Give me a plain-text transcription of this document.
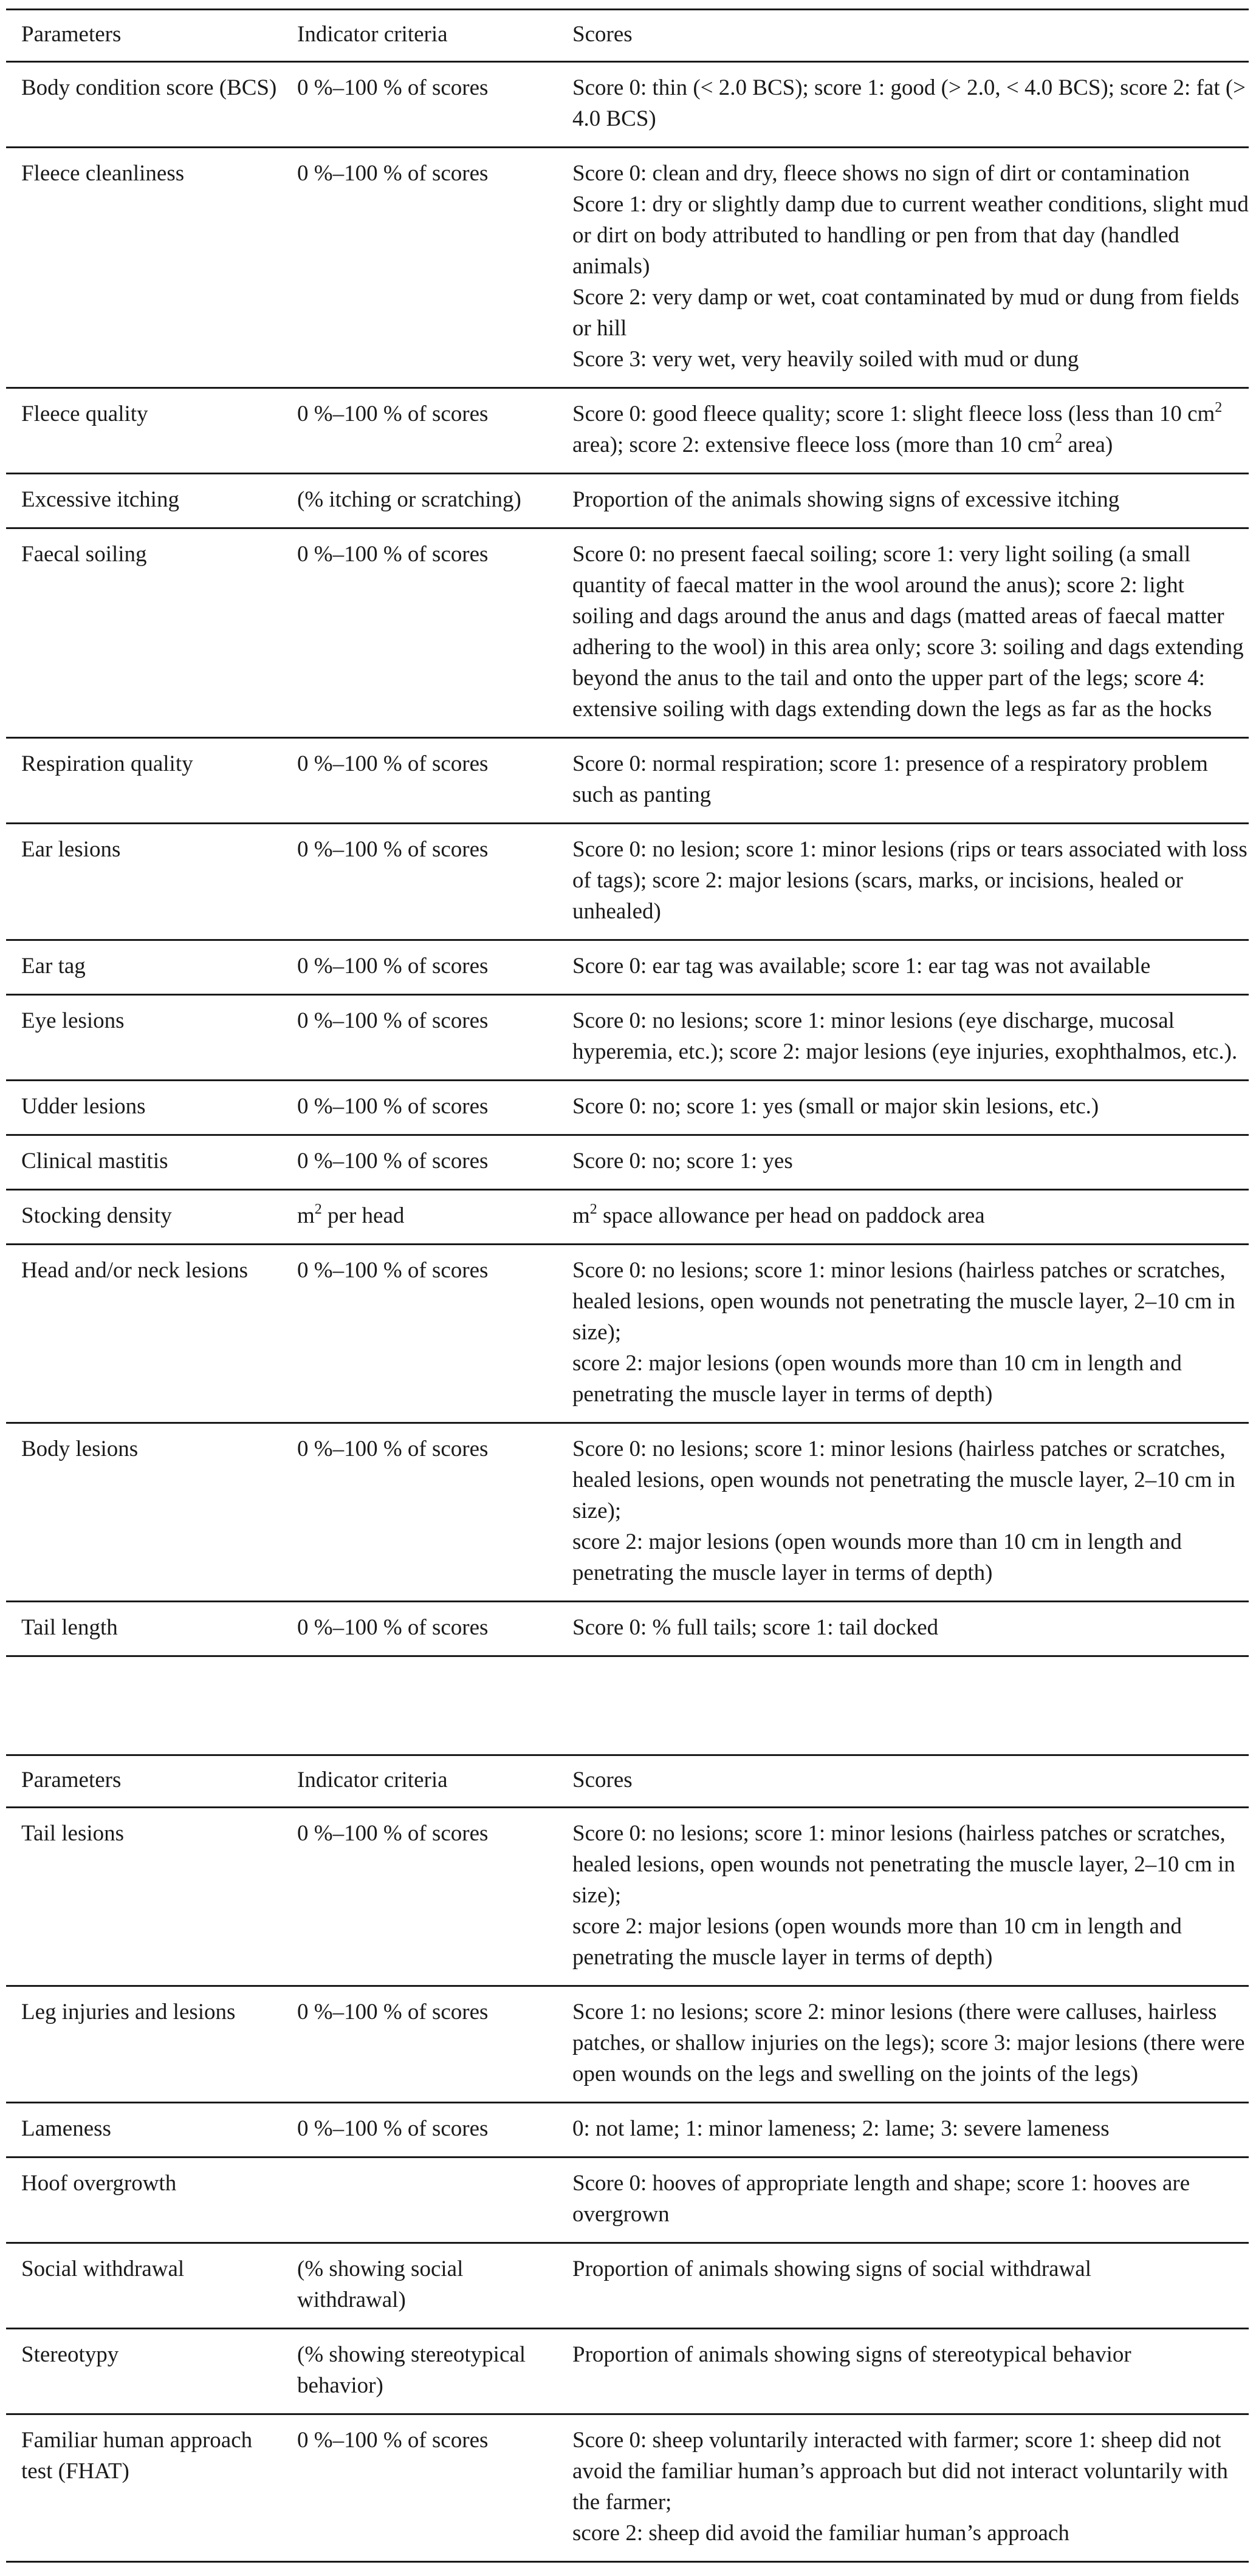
Parameters	Indicator criteria	Scores
Body condition score (BCS)	0 %–100 % of scores	Score 0: thin (< 2.0 BCS); score 1: good (> 2.0, < 4.0 BCS); score 2: fat (> 4.0 BCS)

Fleece cleanliness	0 %–100 % of scores	Score 0: clean and dry, fleece shows no sign of dirt or contamination
Score 1: dry or slightly damp due to current weather conditions, slight mud or dirt on body attributed to handling or pen from that day (handled animals)
Score 2: very damp or wet, coat contaminated by mud or dung from fields or hill
Score 3: very wet, very heavily soiled with mud or dung

Fleece quality	0 %–100 % of scores	Score 0: good fleece quality; score 1: slight fleece loss (less than 10 $cm^2$ area); score 2: extensive fleece loss (more than 10 $cm^2$ area)
Excessive itching	(% itching or scratching)	Proportion of the animals showing signs of excessive itching

Faecal soiling	0 %–100 % of scores	Score 0: no present faecal soiling; score 1: very light soiling (a small quantity of faecal matter in the wool around the anus); score 2: light soiling and dags around the anus and dags (matted areas of faecal matter adhering to the wool) in this area only; score 3: soiling and dags extending beyond the anus to the tail and onto the upper part of the legs; score 4: extensive soiling with dags extending down the legs as far as the hocks

Respiration quality	0 %–100 % of scores	Score 0: normal respiration; score 1: presence of a respiratory problem such as panting

Ear lesions	0 %–100 % of scores	Score 0: no lesion; score 1: minor lesions (rips or tears associated with loss of tags); score 2: major lesions (scars, marks, or incisions, healed or unhealed)

Ear tag	0 %–100 % of scores	Score 0: ear tag was available; score 1: ear tag was not available

Eye lesions	0 %–100 % of scores	Score 0: no lesions; score 1: minor lesions (eye discharge, mucosal hyperemia, etc.); score 2: major lesions (eye injuries, exophthalmos, etc.).

Udder lesions	0 %–100 % of scores	Score 0: no; score 1: yes (small or major skin lesions, etc.)

Clinical mastitis	0 %–100 % of scores	Score 0: no; score 1: yes

Stocking density	$m^2$ per head	$m^2$ space allowance per head on paddock area
Head and/or neck lesions	0 %–100 % of scores	Score 0: no lesions; score 1: minor lesions (hairless patches or scratches, healed lesions, open wounds not penetrating the muscle layer, 2–10 cm in size);
score 2: major lesions (open wounds more than 10 cm in length and penetrating the muscle layer in terms of depth)

Body lesions	0 %–100 % of scores	Score 0: no lesions; score 1: minor lesions (hairless patches or scratches, healed lesions, open wounds not penetrating the muscle layer, 2–10 cm in size);
score 2: major lesions (open wounds more than 10 cm in length and penetrating the muscle layer in terms of depth)

Tail length	0 %–100 % of scores	Score 0: % full tails; score 1: tail docked
Parameters	Indicator criteria	Scores
Tail lesions	0 %–100 % of scores	Score 0: no lesions; score 1: minor lesions (hairless patches or scratches, healed lesions, open wounds not penetrating the muscle layer, 2–10 cm in size);
score 2: major lesions (open wounds more than 10 cm in length and penetrating the muscle layer in terms of depth)

Leg injuries and lesions	0 %–100 % of scores	Score 1: no lesions; score 2: minor lesions (there were calluses, hairless patches, or shallow injuries on the legs); score 3: major lesions (there were open wounds on the legs and swelling on the joints of the legs)

Lameness	0 %–100 % of scores	0: not lame; 1: minor lameness; 2: lame; 3: severe lameness

Hoof overgrowth		Score 0: hooves of appropriate length and shape; score 1: hooves are overgrown

Social withdrawal	(% showing social withdrawal)	Proportion of animals showing signs of social withdrawal

Stereotypy	(% showing stereotypical behavior)	Proportion of animals showing signs of stereotypical behavior

Familiar human approach test (FHAT)	0 %–100 % of scores	Score 0: sheep voluntarily interacted with farmer; score 1: sheep did not avoid the familiar human’s approach but did not interact voluntarily with the farmer;
score 2: sheep did avoid the familiar human’s approach
